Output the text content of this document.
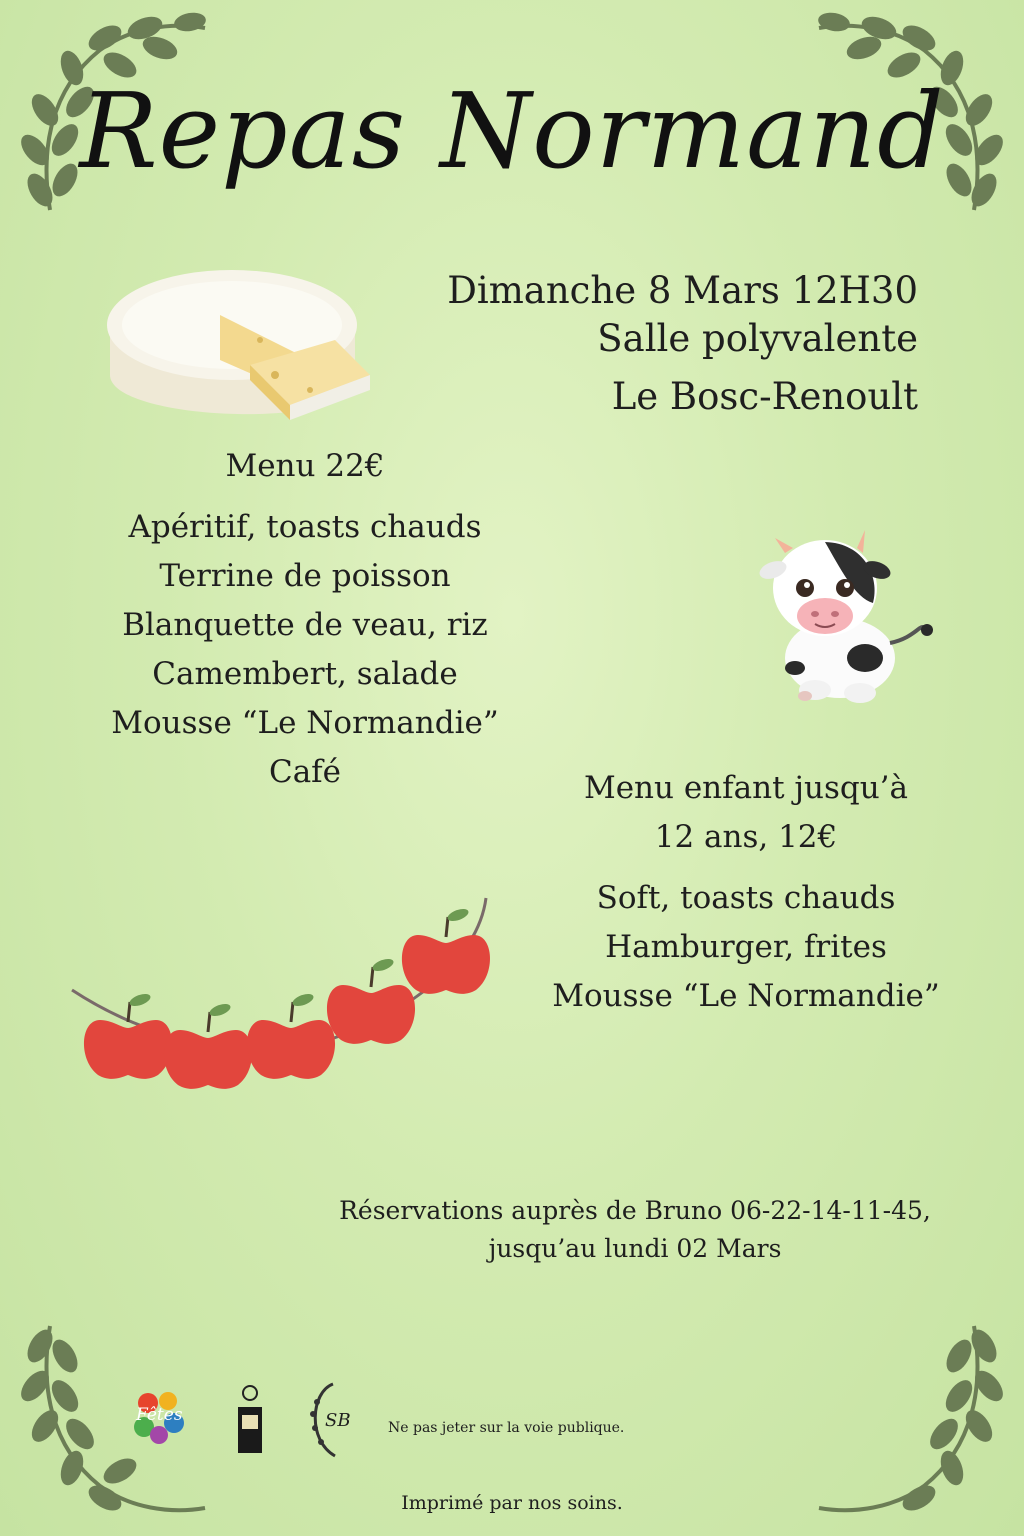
Repas Normand
Dimanche 8 Mars 12H30
Salle polyvalente
Le Bosc-Renoult
Menu 22€
Apéritif, toasts chauds
Terrine de poisson
Blanquette de veau, riz
Camembert, salade
Mousse “Le Normandie”
Café	Menu enfant jusqu’à
12 ans, 12€
Soft, toasts chauds
Hamburger, frites
Mousse “Le Normandie”
Réservations auprès de Bruno 06-22-14-11-45,
jusqu’au lundi 02 Mars
Fêtes	SB	Ne pas jeter sur la voie publique.
Imprimé par nos soins.
